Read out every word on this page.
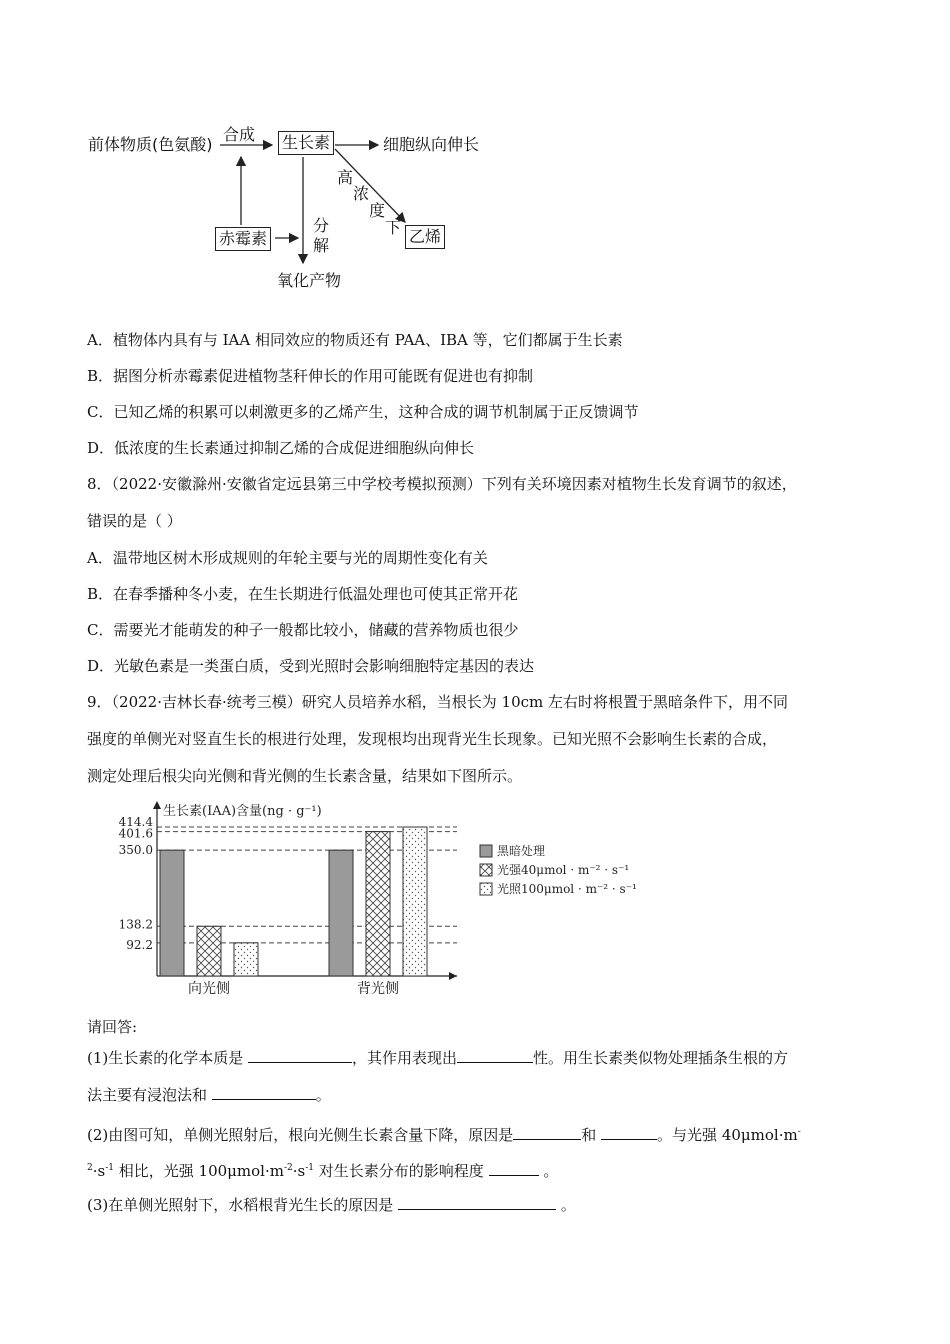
前体物质(色氨酸)
合成 生长素	细胞纵向伸长
高
浓
度
下 乙烯
赤霉素
分
解
氧化产物
A．植物体内具有与 IAA 相同效应的物质还有 PAA、IBA 等，它们都属于生长素
B．据图分析赤霉素促进植物茎秆伸长的作用可能既有促进也有抑制
C．已知乙烯的积累可以刺激更多的乙烯产生，这种合成的调节机制属于正反馈调节
D．低浓度的生长素通过抑制乙烯的合成促进细胞纵向伸长
8．（2022·安徽滁州·安徽省定远县第三中学校考模拟预测）下列有关环境因素对植物生长发育调节的叙述，
错误的是（ ）
A．温带地区树木形成规则的年轮主要与光的周期性变化有关
B．在春季播种冬小麦，在生长期进行低温处理也可使其正常开花
C．需要光才能萌发的种子一般都比较小，储藏的营养物质也很少
D．光敏色素是一类蛋白质，受到光照时会影响细胞特定基因的表达
9．（2022·吉林长春·统考三模）研究人员培养水稻，当根长为 10cm 左右时将根置于黑暗条件下，用不同
强度的单侧光对竖直生长的根进行处理，发现根均出现背光生长现象。已知光照不会影响生长素的合成，
测定处理后根尖向光侧和背光侧的生长素含量，结果如下图所示。
生长素(IAA)含量(ng · g⁻¹)
92.2
138.2
350.0
401.6
414.4
向光侧	背光侧
黑暗处理
光强40μmol · m⁻² · s⁻¹
光照100μmol · m⁻² · s⁻¹
请回答:
(1)生长素的化学本质是	，其作用表现出	性。用生长素类似物处理插条生根的方
法主要有浸泡法和	。
(2)由图可知，单侧光照射后，根向光侧生长素含量下降，原因是	和	。与光强 40μmol·m-
$^2\cdot s^{-1}$ 相比，光强 $100\mu mol\cdot m^{-2}\cdot s^{-1}$ 对生长素分布的影响程度	。
(3)在单侧光照射下，水稻根背光生长的原因是	。
